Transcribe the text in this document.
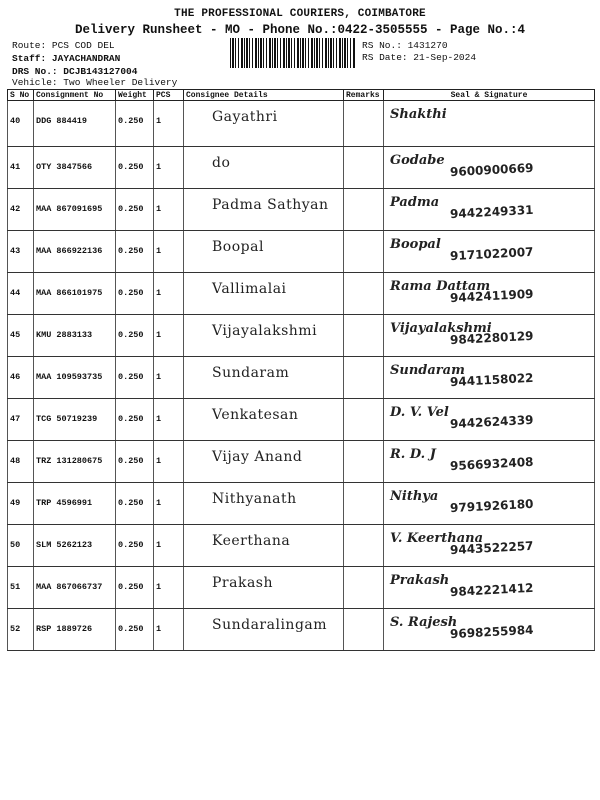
THE PROFESSIONAL COURIERS, COIMBATORE
Delivery Runsheet - MO - Phone No.:0422-3505555 - Page No.:4
Route: PCS COD DEL
Staff: JAYACHANDRAN
DRS No.: DCJB143127004
Vehicle: Two Wheeler Delivery
RS No.: 1431270
RS Date: 21-Sep-2024
S No	Consignment No	Weight	PCS	Consignee Details	Remarks	Seal & Signature
40	DDG 884419	0.250	1	Gayathri		Shakthi

41	OTY 3847566	0.250	1	do		Godabe
9600900669

42	MAA 867091695	0.250	1	Padma Sathyan		Padma
9442249331

43	MAA 866922136	0.250	1	Boopal		Boopal
9171022007

44	MAA 866101975	0.250	1	Vallimalai		Rama Dattam
9442411909

45	KMU 2883133	0.250	1	Vijayalakshmi		Vijayalakshmi
9842280129

46	MAA 109593735	0.250	1	Sundaram		Sundaram
9441158022

47	TCG 50719239	0.250	1	Venkatesan		D. V. Vel
9442624339

48	TRZ 131280675	0.250	1	Vijay Anand		R. D. J
9566932408

49	TRP 4596991	0.250	1	Nithyanath		Nithya
9791926180

50	SLM 5262123	0.250	1	Keerthana		V. Keerthana
9443522257

51	MAA 867066737	0.250	1	Prakash		Prakash
9842221412

52	RSP 1889726	0.250	1	Sundaralingam		S. Rajesh
9698255984
